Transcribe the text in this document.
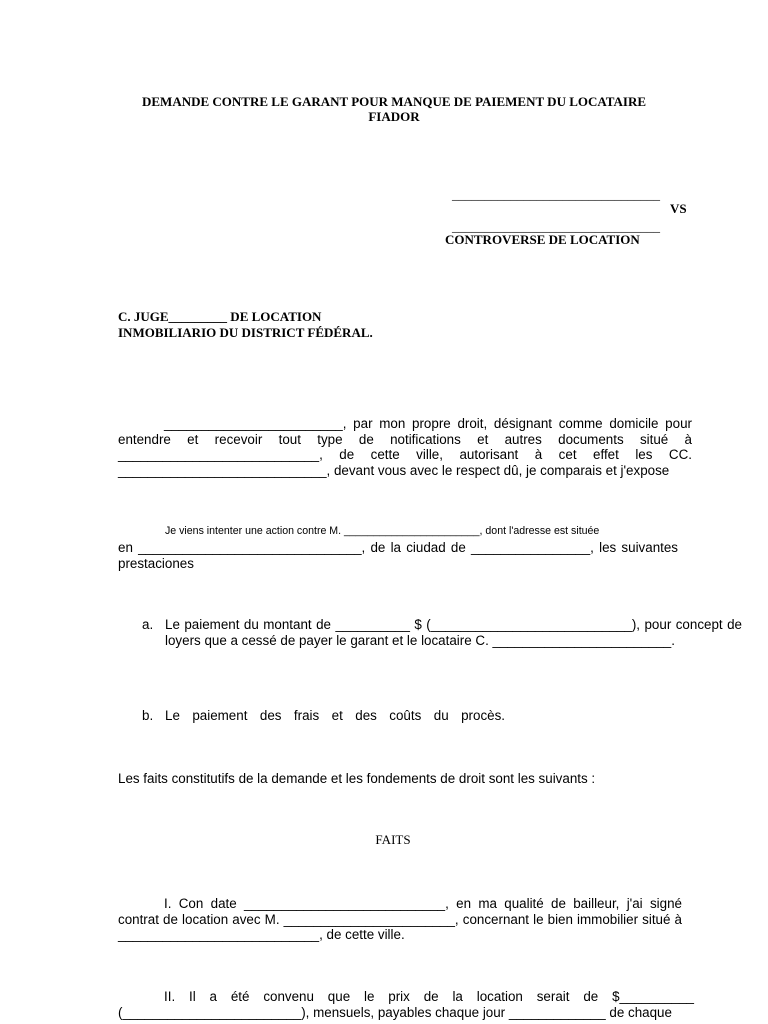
DEMANDE CONTRE LE GARANT POUR MANQUE DE PAIEMENT DU LOCATAIRE
FIADOR
________________________________
VS
________________________________
CONTROVERSE DE LOCATION
C. JUGE_________ DE LOCATION
INMOBILIARIO DU DISTRICT FÉDÉRAL.
________________________, par mon propre droit, désignant comme domicile pour entendre et recevoir tout type de notifications et autres documents situé à ___________________________, de cette ville, autorisant à cet effet les CC. ____________________________, devant vous avec le respect dû, je comparais et j'expose
Je viens intenter une action contre M. _______________________, dont l'adresse est située
en ______________________________, de la ciudad de ________________, les suivantes prestaciones
a. Le paiement du montant de __________ $ (___________________________), pour concept de loyers que a cessé de payer le garant et le locataire C. ________________________.
b. Le paiement des frais et des coûts du procès.
Les faits constitutifs de la demande et les fondements de droit sont les suivants :
FAITS
I. Con date ___________________________, en ma qualité de bailleur, j'ai signé contrat de location avec M. _______________________, concernant le bien immobilier situé à ___________________________, de cette ville.
II. Il a été convenu que le prix de la location serait de $__________ (________________________), mensuels, payables chaque jour _____________ de chaque
